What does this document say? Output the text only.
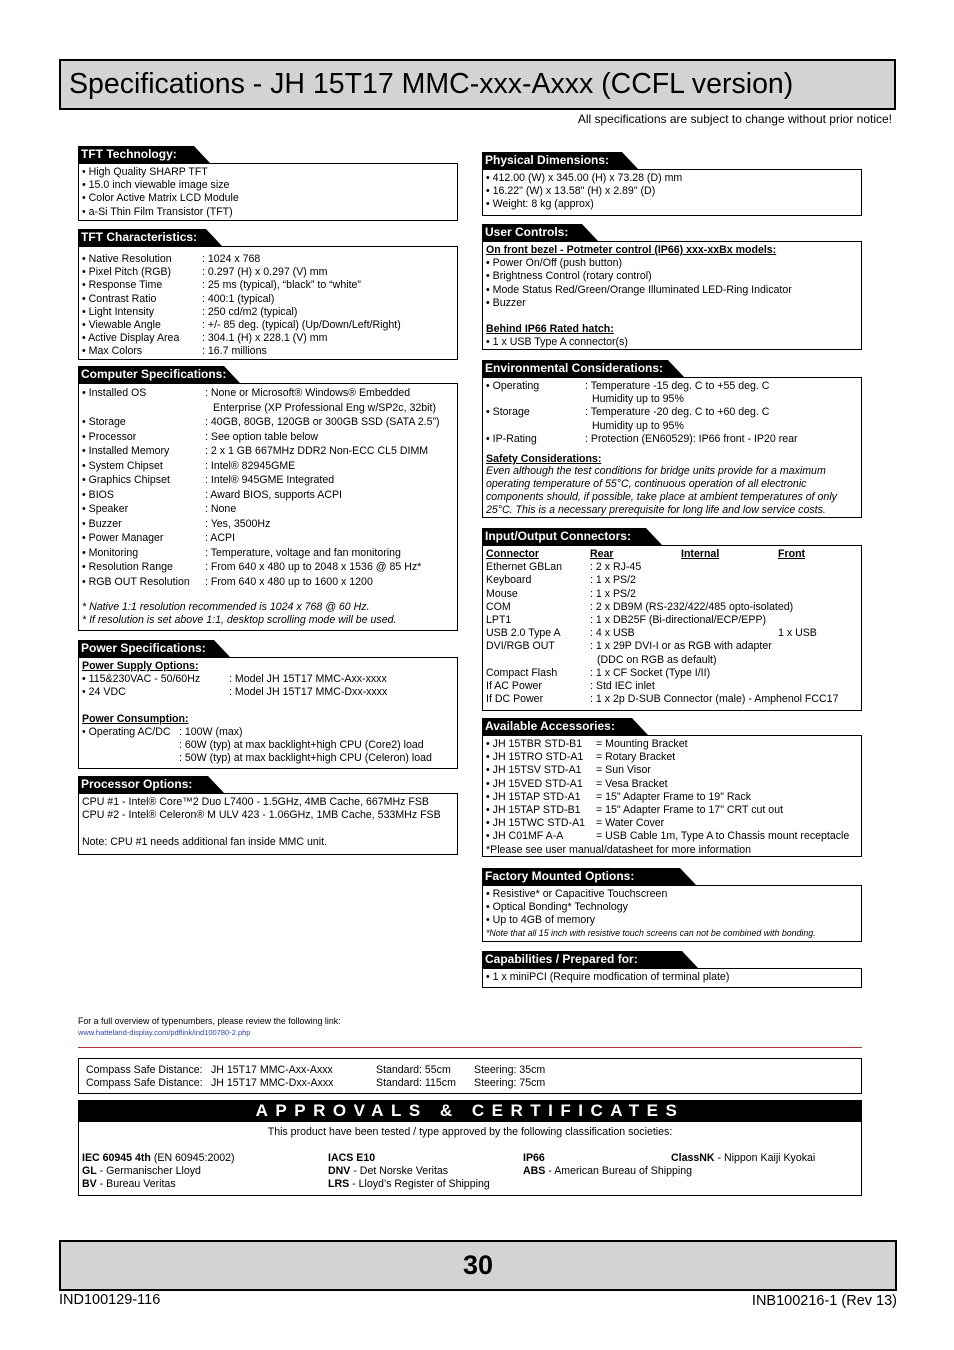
Specifications - JH 15T17 MMC-xxx-Axxx (CCFL version)
All specifications are subject to change without prior notice!
TFT Technology:
• High Quality SHARP TFT
• 15.0 inch viewable image size
• Color Active Matrix LCD Module
• a-Si Thin Film Transistor (TFT)
TFT Characteristics:
• Native Resolution	: 1024 x 768
• Pixel Pitch (RGB)	: 0.297 (H) x 0.297 (V) mm
• Response Time	: 25 ms (typical), “black” to “white”
• Contrast Ratio	: 400:1 (typical)
• Light Intensity	: 250 cd/m2 (typical)
• Viewable Angle	: +/- 85 deg. (typical) (Up/Down/Left/Right)
• Active Display Area	: 304.1 (H) x 228.1 (V) mm
• Max Colors	: 16.7 millions
Computer Specifications:
• Installed OS	: None or Microsoft® Windows® Embedded
Enterprise (XP Professional Eng w/SP2c, 32bit)
• Storage	: 40GB, 80GB, 120GB or 300GB SSD (SATA 2.5”)
• Processor	: See option table below
• Installed Memory	: 2 x 1 GB 667MHz DDR2 Non-ECC CL5 DIMM
• System Chipset	: Intel® 82945GME
• Graphics Chipset	: Intel® 945GME Integrated
• BIOS	: Award BIOS, supports ACPI
• Speaker	: None
• Buzzer	: Yes, 3500Hz
• Power Manager	: ACPI
• Monitoring	: Temperature, voltage and fan monitoring
• Resolution Range	: From 640 x 480 up to 2048 x 1536 @ 85 Hz*
• RGB OUT Resolution	: From 640 x 480 up to 1600 x 1200
* Native 1:1 resolution recommended is 1024 x 768 @ 60 Hz.
* If resolution is set above 1:1, desktop scrolling mode will be used.
Power Specifications:
Power Supply Options:
• 115&230VAC - 50/60Hz	: Model JH 15T17 MMC-Axx-xxxx
• 24 VDC	: Model JH 15T17 MMC-Dxx-xxxx
Power Consumption:
• Operating AC/DC : 100W (max)
: 60W (typ) at max backlight+high CPU (Core2) load
: 50W (typ) at max backlight+high CPU (Celeron) load
Processor Options:
CPU #1 - Intel® Core™2 Duo L7400 - 1.5GHz, 4MB Cache, 667MHz FSB
CPU #2 - Intel® Celeron® M ULV 423 - 1.06GHz, 1MB Cache, 533MHz FSB
Note: CPU #1 needs additional fan inside MMC unit.
Physical Dimensions:
• 412.00 (W) x 345.00 (H) x 73.28 (D) mm
• 16.22" (W) x 13.58" (H) x 2.89" (D)
• Weight: 8 kg (approx)
User Controls:
On front bezel - Potmeter control (IP66) xxx-xxBx models:
• Power On/Off (push button)
• Brightness Control (rotary control)
• Mode Status Red/Green/Orange Illuminated LED-Ring Indicator
• Buzzer
Behind IP66 Rated hatch:
• 1 x USB Type A connector(s)
Environmental Considerations:
• Operating	: Temperature -15 deg. C to +55 deg. C
Humidity up to 95%
• Storage	: Temperature -20 deg. C to +60 deg. C
Humidity up to 95%
• IP-Rating	: Protection (EN60529): IP66 front - IP20 rear
Safety Considerations:
Even although the test conditions for bridge units provide for a maximum
operating temperature of 55°C, continuous operation of all electronic
components should, if possible, take place at ambient temperatures of only
25°C. This is a necessary prerequisite for long life and low service costs.
Input/Output Connectors:
Connector	Rear	Internal	Front
Ethernet GBLan	: 2 x RJ-45		
Keyboard	: 1 x PS/2		
Mouse	: 1 x PS/2		
COM	: 2 x DB9M (RS-232/422/485 opto-isolated)		
LPT1	: 1 x DB25F (Bi-directional/ECP/EPP)		
USB 2.0 Type A	: 4 x USB		1 x USB
DVI/RGB OUT	: 1 x 29P DVI-I or as RGB with adapter		
	(DDC on RGB as default)		
Compact Flash	: 1 x CF Socket (Type I/II)		
If AC Power	: Std IEC inlet		
If DC Power	: 1 x 2p D-SUB Connector (male) - Amphenol FCC17		
Available Accessories:
• JH 15TBR STD-B1	= Mounting Bracket
• JH 15TRO STD-A1	= Rotary Bracket
• JH 15TSV STD-A1	= Sun Visor
• JH 15VED STD-A1	= Vesa Bracket
• JH 15TAP STD-A1	= 15" Adapter Frame to 19" Rack
• JH 15TAP STD-B1	= 15" Adapter Frame to 17" CRT cut out
• JH 15TWC STD-A1	= Water Cover
• JH C01MF A-A	= USB Cable 1m, Type A to Chassis mount receptacle
*Please see user manual/datasheet for more information
Factory Mounted Options:
• Resistive* or Capacitive Touchscreen
• Optical Bonding* Technology
• Up to 4GB of memory
*Note that all 15 inch with resistive touch screens can not be combined with bonding.
Capabilities / Prepared for:
• 1 x miniPCI (Require modfication of terminal plate)
For a full overview of typenumbers, please review the following link:
www.hatteland-display.com/pdflink/ind100780-2.php
Compass Safe Distance: JH 15T17 MMC-Axx-Axxx	Standard: 55cm	Steering: 35cm
Compass Safe Distance: JH 15T17 MMC-Dxx-Axxx	Standard: 115cm	Steering: 75cm
APPROVALS & CERTIFICATES
This product have been tested / type approved by the following classification societies:
IEC 60945 4th (EN 60945:2002)
GL - Germanischer Lloyd
BV - Bureau Veritas
IACS E10
DNV - Det Norske Veritas
LRS - Lloyd’s Register of Shipping
IP66
ABS - American Bureau of Shipping
ClassNK - Nippon Kaiji Kyokai
30
IND100129-116	INB100216-1 (Rev 13)
